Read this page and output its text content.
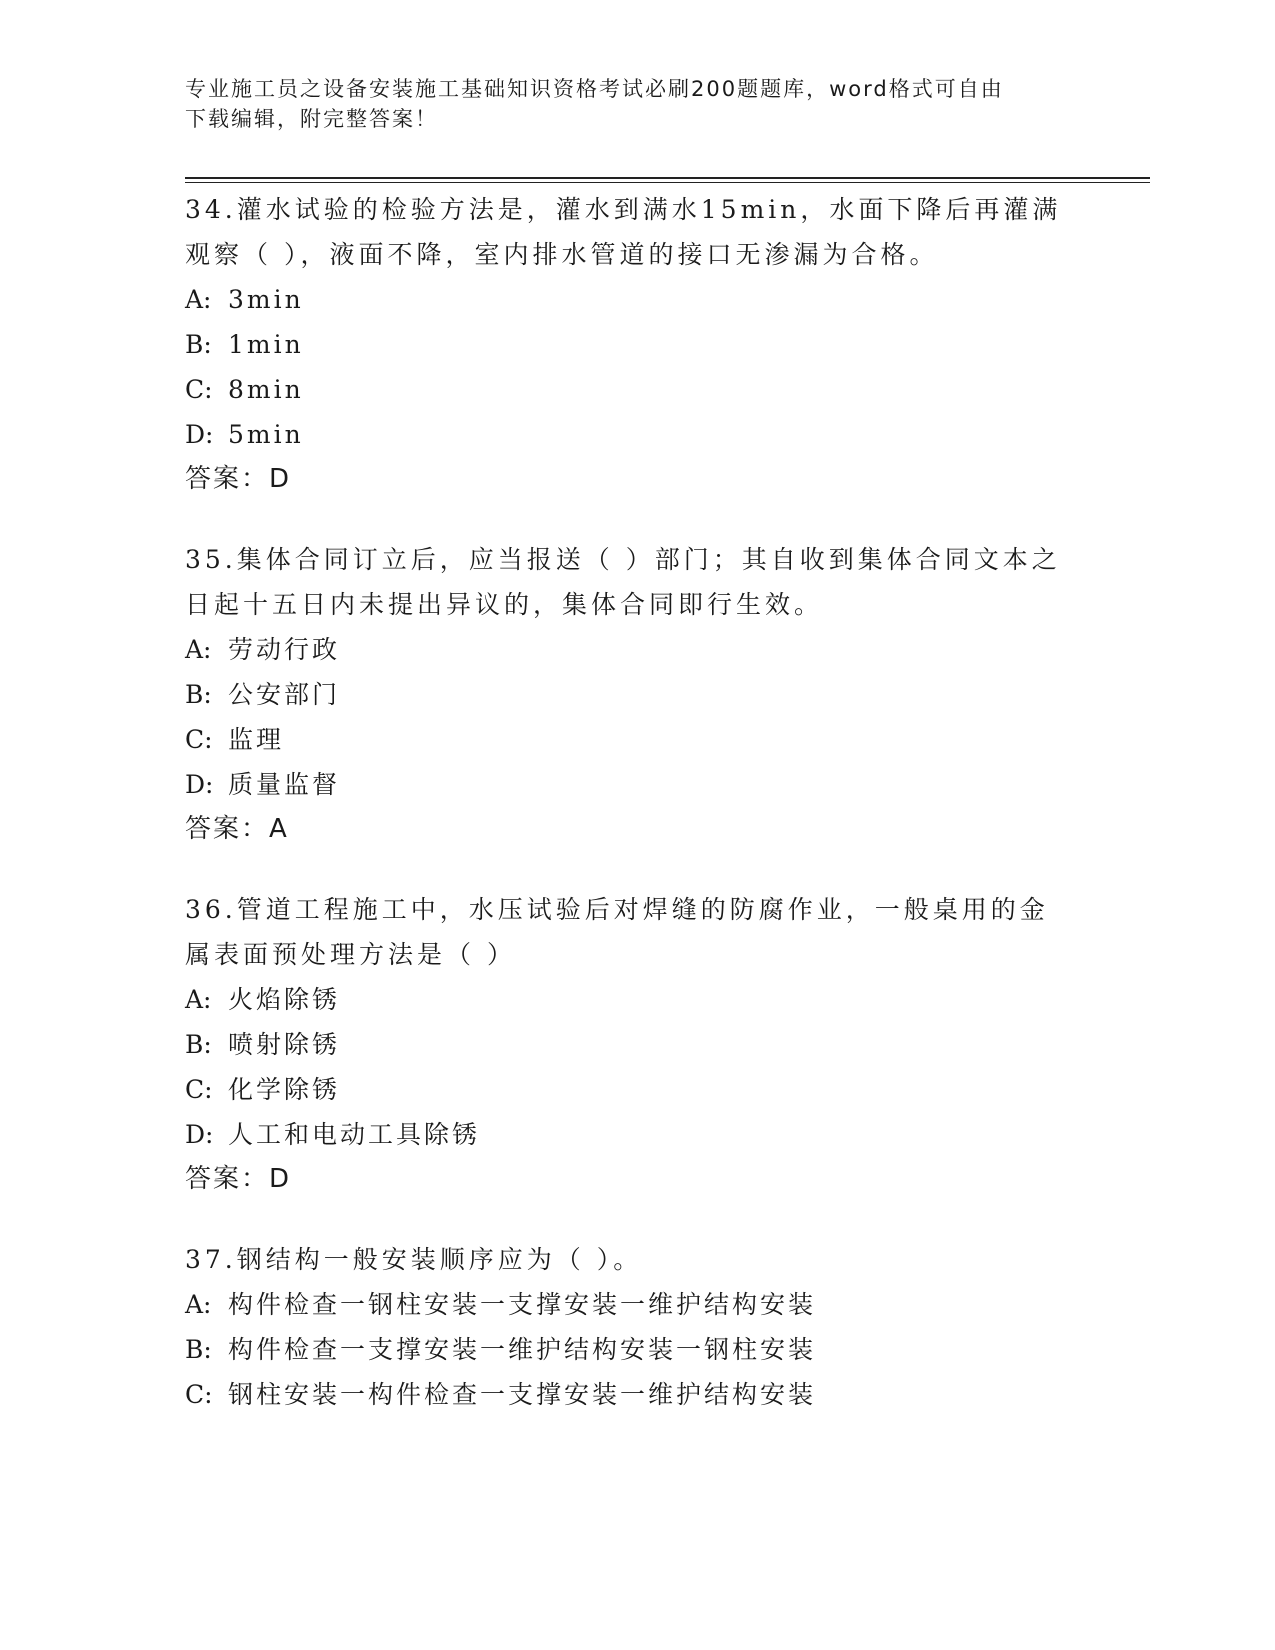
专业施工员之设备安装施工基础知识资格考试必刷200题题库，word格式可自由
下载编辑，附完整答案！
34.灌水试验的检验方法是，灌水到满水15min，水面下降后再灌满观察（ ），液面不降，室内排水管道的接口无渗漏为合格。
A: 3min
B: 1min
C: 8min
D: 5min
答案：D
35.集体合同订立后，应当报送（ ）部门；其自收到集体合同文本之日起十五日内未提出异议的，集体合同即行生效。
A: 劳动行政
B: 公安部门
C: 监理
D: 质量监督
答案：A
36.管道工程施工中，水压试验后对焊缝的防腐作业，一般桌用的金属表面预处理方法是（ ）
A: 火焰除锈
B: 喷射除锈
C: 化学除锈
D: 人工和电动工具除锈
答案：D
37.钢结构一般安装顺序应为（ ）。
A: 构件检查一钢柱安装一支撑安装一维护结构安装
B: 构件检查一支撑安装一维护结构安装一钢柱安装
C: 钢柱安装一构件检查一支撑安装一维护结构安装
